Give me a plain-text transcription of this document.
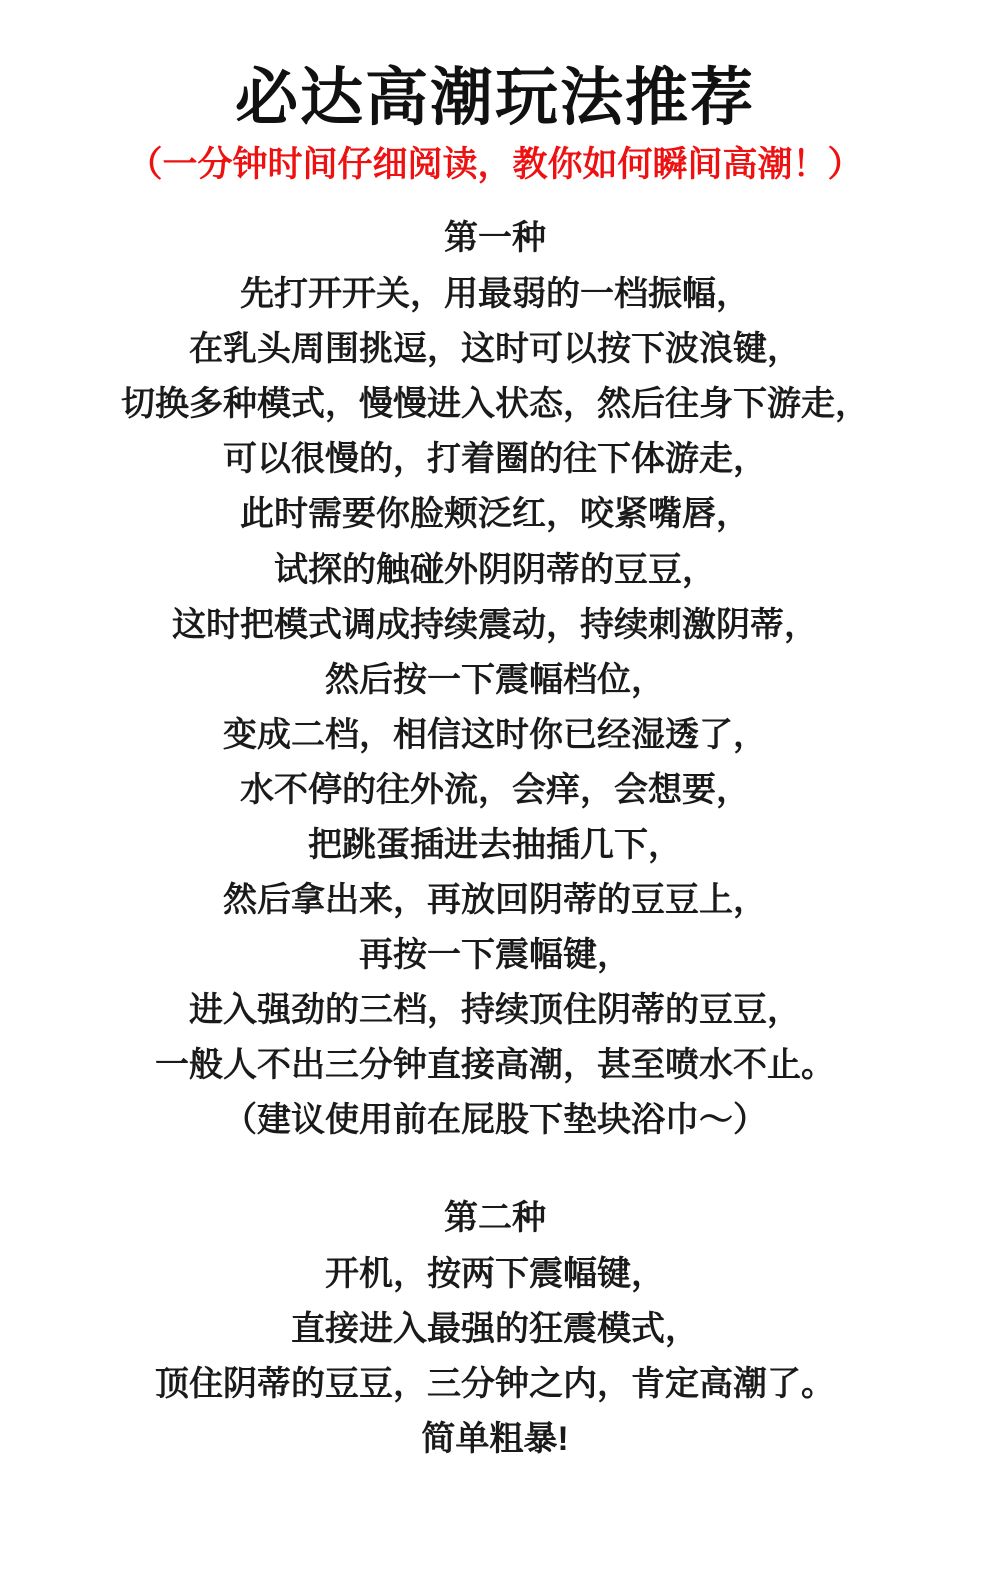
必达高潮玩法推荐
（一分钟时间仔细阅读，教你如何瞬间高潮！）
第一种
先打开开关，用最弱的一档振幅，
在乳头周围挑逗，这时可以按下波浪键，
切换多种模式，慢慢进入状态，然后往身下游走，
可以很慢的，打着圈的往下体游走，
此时需要你脸颊泛红，咬紧嘴唇，
试探的触碰外阴阴蒂的豆豆，
这时把模式调成持续震动，持续刺激阴蒂，
然后按一下震幅档位，
变成二档，相信这时你已经湿透了，
水不停的往外流，会痒，会想要，
把跳蛋插进去抽插几下，
然后拿出来，再放回阴蒂的豆豆上，
再按一下震幅键，
进入强劲的三档，持续顶住阴蒂的豆豆，
一般人不出三分钟直接高潮，甚至喷水不止。
（建议使用前在屁股下垫块浴巾～）
第二种
开机，按两下震幅键，
直接进入最强的狂震模式，
顶住阴蒂的豆豆，三分钟之内，肯定高潮了。
简单粗暴!
